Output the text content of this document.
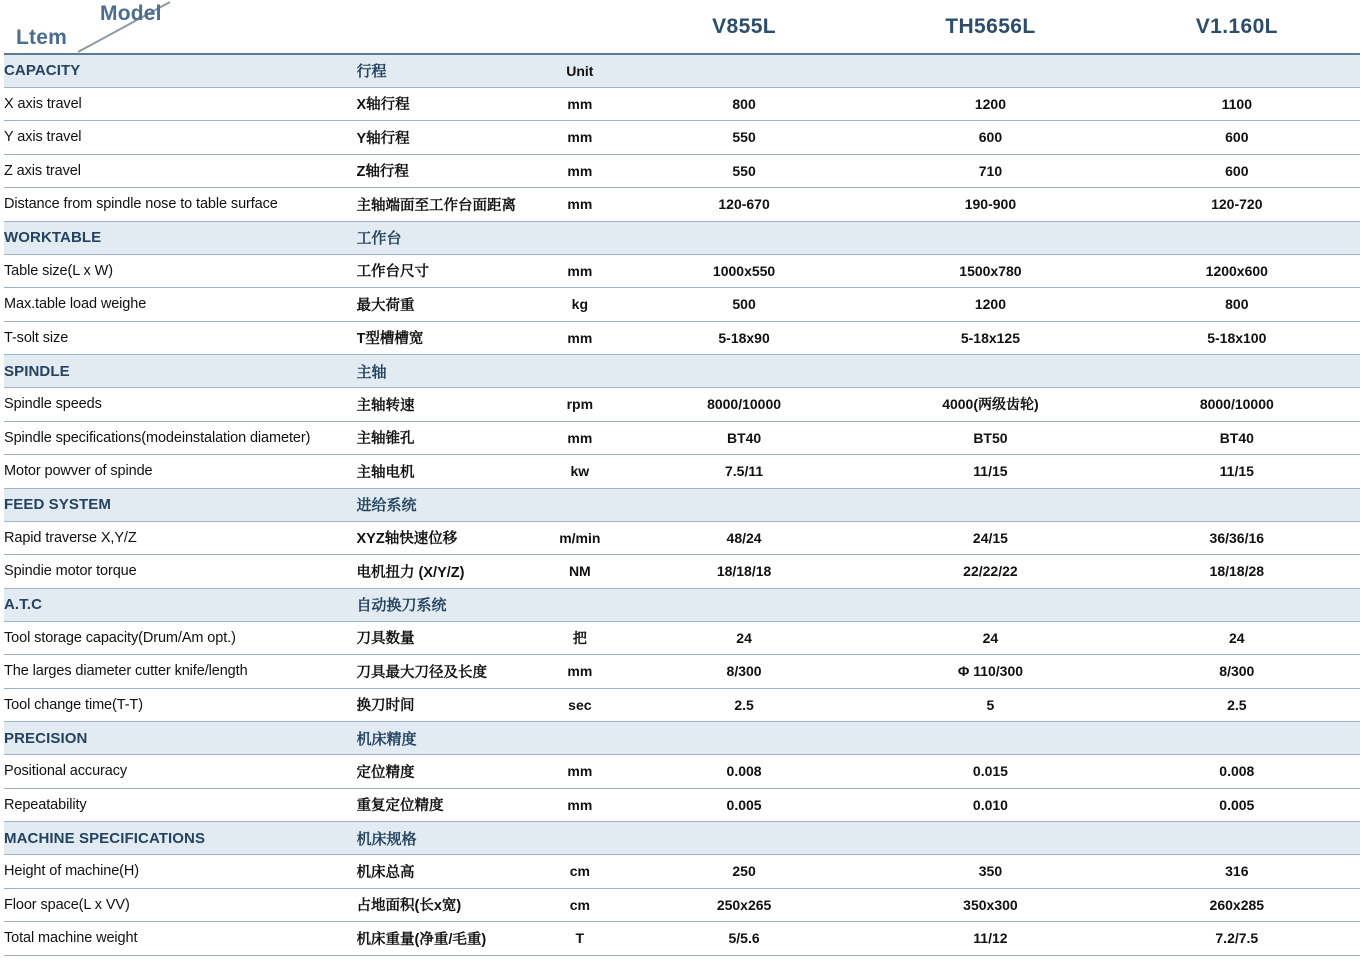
Model
Ltem			V855L	TH5656L	V1.160L
CAPACITY	行程	Unit			
X axis travel	X轴行程	mm	800	1200	1100
Y axis travel	Y轴行程	mm	550	600	600
Z axis travel	Z轴行程	mm	550	710	600
Distance from spindle nose to table surface	主轴端面至工作台面距离	mm	120-670	190-900	120-720
WORKTABLE	工作台				
Table size(L x W)	工作台尺寸	mm	1000x550	1500x780	1200x600
Max.table load weighe	最大荷重	kg	500	1200	800
T-solt size	T型槽槽宽	mm	5-18x90	5-18x125	5-18x100
SPINDLE	主轴				
Spindle speeds	主轴转速	rpm	8000/10000	4000(两级齿轮)	8000/10000
Spindle specifications(modeinstalation diameter)	主轴锥孔	mm	BT40	BT50	BT40
Motor powver of spinde	主轴电机	kw	7.5/11	11/15	11/15
FEED SYSTEM	进给系统				
Rapid traverse X,Y/Z	XYZ轴快速位移	m/min	48/24	24/15	36/36/16
Spindie motor torque	电机扭力 (X/Y/Z)	NM	18/18/18	22/22/22	18/18/28
A.T.C	自动换刀系统				
Tool storage capacity(Drum/Am opt.)	刀具数量	把	24	24	24
The larges diameter cutter knife/length	刀具最大刀径及长度	mm	8/300	Φ 110/300	8/300
Tool change time(T-T)	换刀时间	sec	2.5	5	2.5
PRECISION	机床精度				
Positional accuracy	定位精度	mm	0.008	0.015	0.008
Repeatability	重复定位精度	mm	0.005	0.010	0.005
MACHINE SPECIFICATIONS	机床规格				
Height of machine(H)	机床总高	cm	250	350	316
Floor space(L x VV)	占地面积(长x宽)	cm	250x265	350x300	260x285
Total machine weight	机床重量(净重/毛重)	T	5/5.6	11/12	7.2/7.5
